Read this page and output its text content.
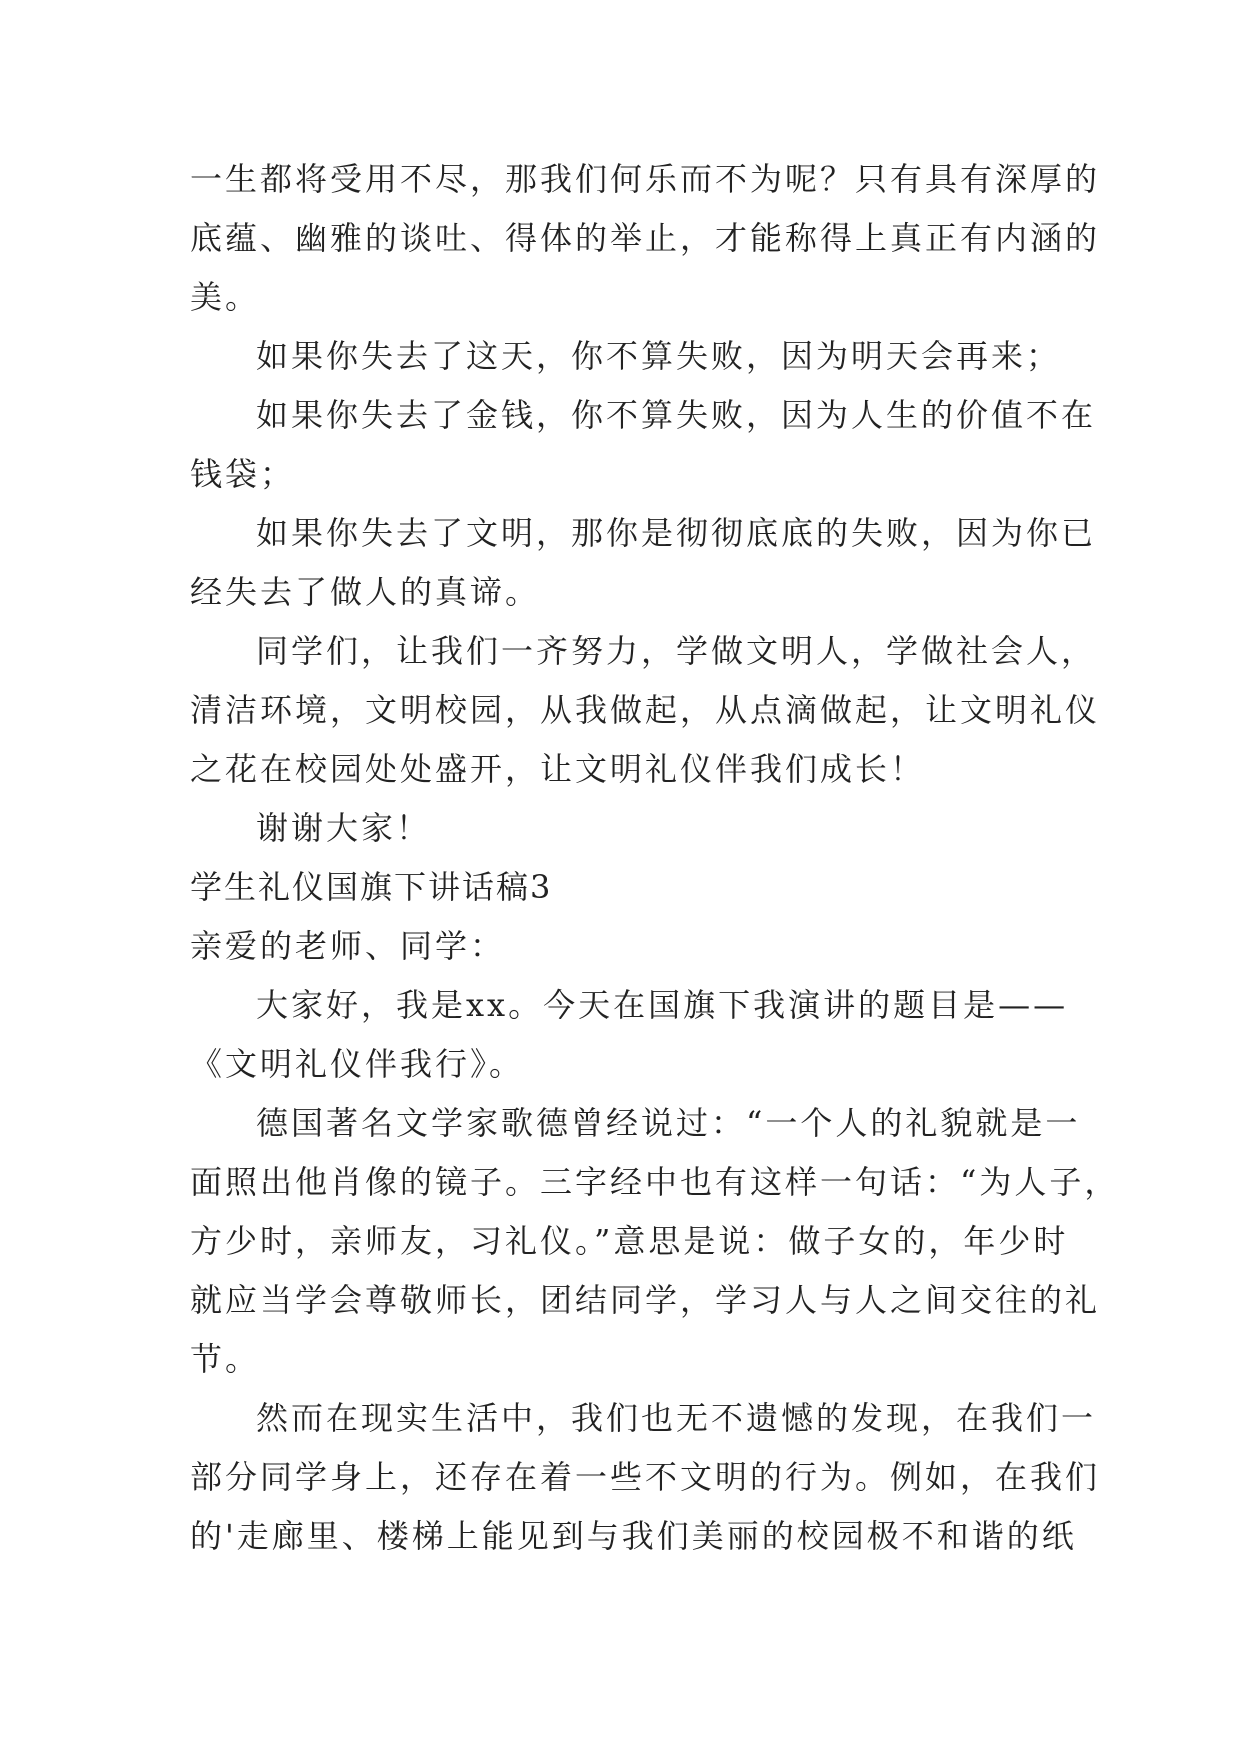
一生都将受用不尽，那我们何乐而不为呢？只有具有深厚的
底蕴、幽雅的谈吐、得体的举止，才能称得上真正有内涵的
美。
如果你失去了这天，你不算失败，因为明天会再来；
如果你失去了金钱，你不算失败，因为人生的价值不在
钱袋；
如果你失去了文明，那你是彻彻底底的失败，因为你已
经失去了做人的真谛。
同学们，让我们一齐努力，学做文明人，学做社会人，
清洁环境，文明校园，从我做起，从点滴做起，让文明礼仪
之花在校园处处盛开，让文明礼仪伴我们成长！
谢谢大家！
学生礼仪国旗下讲话稿3
亲爱的老师、同学：
大家好，我是xx。今天在国旗下我演讲的题目是——
《文明礼仪伴我行》。
德国著名文学家歌德曾经说过：“一个人的礼貌就是一
面照出他肖像的镜子。三字经中也有这样一句话：“为人子，
方少时，亲师友，习礼仪。”意思是说：做子女的，年少时
就应当学会尊敬师长，团结同学，学习人与人之间交往的礼
节。
然而在现实生活中，我们也无不遗憾的发现，在我们一
部分同学身上，还存在着一些不文明的行为。例如，在我们
的'走廊里、楼梯上能见到与我们美丽的校园极不和谐的纸
